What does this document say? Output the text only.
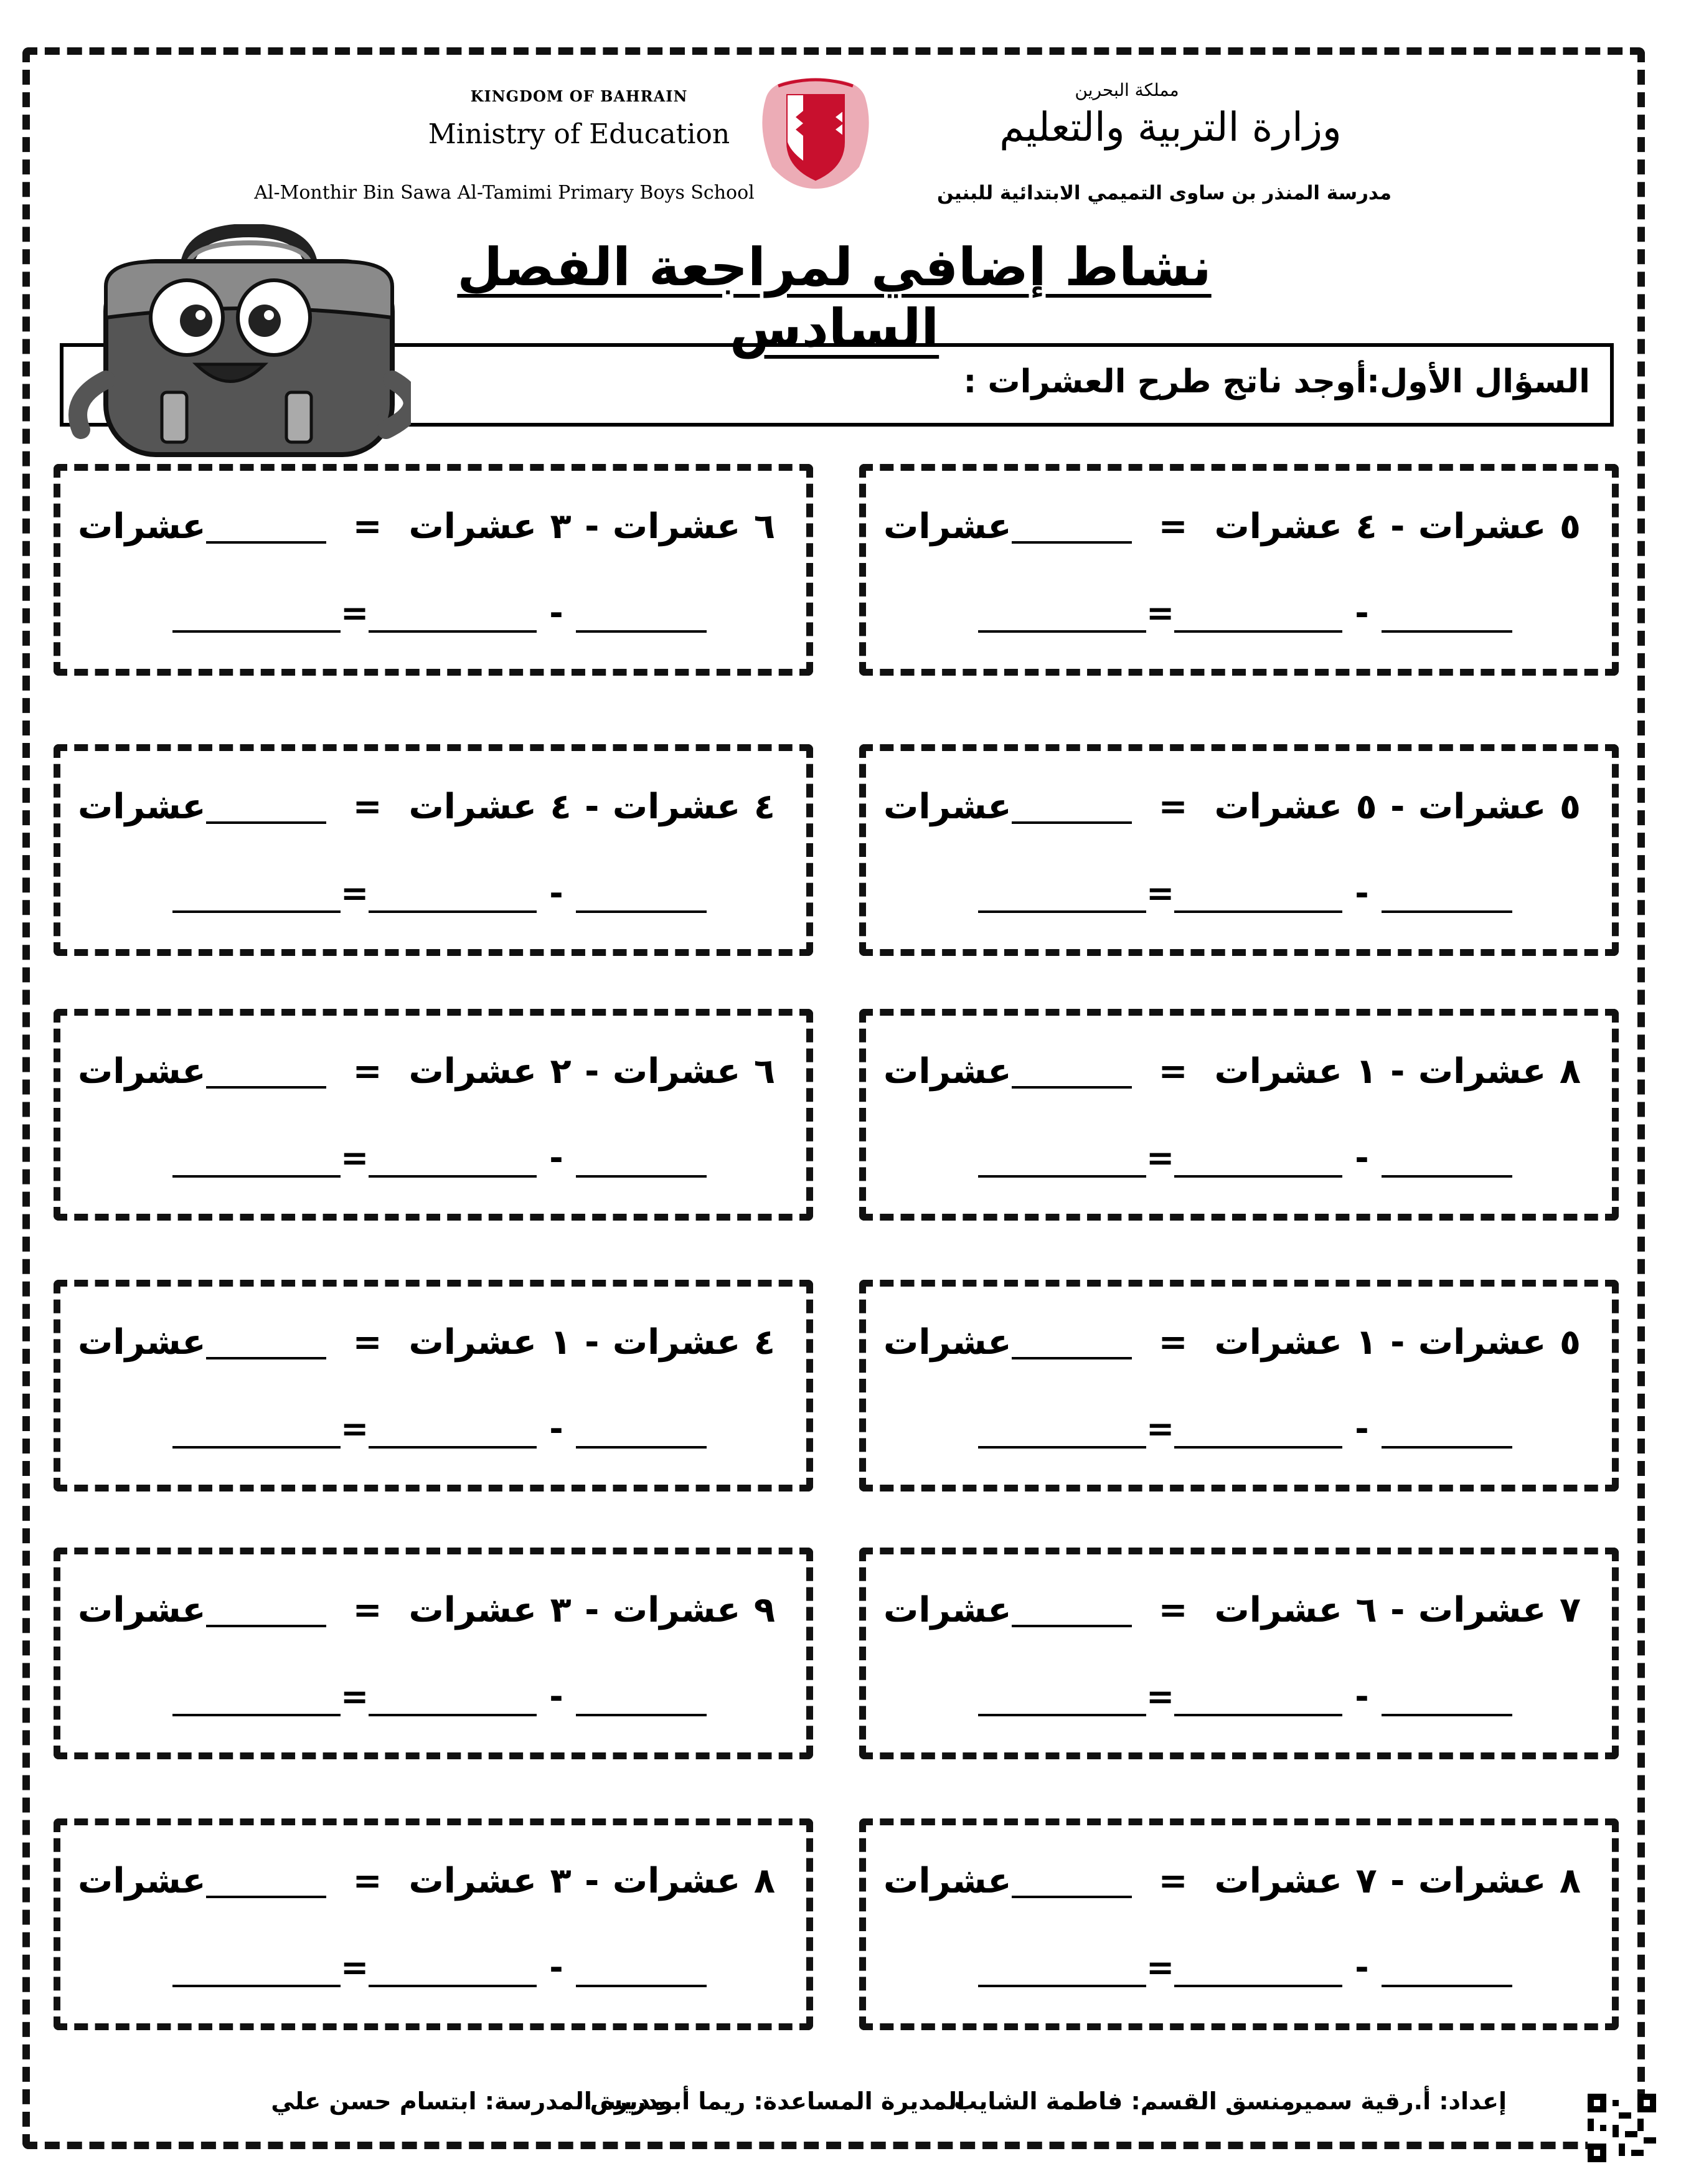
KINGDOM OF BAHRAIN
Ministry of Education
Al-Monthir Bin Sawa Al-Tamimi Primary Boys School
مملكة البحرين
وزارة التربية والتعليم
مدرسة المنذر بن ساوى التميمي الابتدائية للبنين
نشاط إضافي لمراجعة الفصل السادس
السؤال الأول:أوجد ناتج طرح العشرات :
٥
عشرات
-
٤
عشرات
=
عشرات
=	-
٦
عشرات
-
٣
عشرات
=
عشرات
=	-
٥
عشرات
-
٥
عشرات
=
عشرات
=	-
٤
عشرات
-
٤
عشرات
=
عشرات
=	-
٨
عشرات
-
١
عشرات
=
عشرات
=	-
٦
عشرات
-
٢
عشرات
=
عشرات
=	-
٥
عشرات
-
١
عشرات
=
عشرات
=	-
٤
عشرات
-
١
عشرات
=
عشرات
=	-
٧
عشرات
-
٦
عشرات
=
عشرات
=	-
٩
عشرات
-
٣
عشرات
=
عشرات
=	-
٨
عشرات
-
٧
عشرات
=
عشرات
=	-
٨
عشرات
-
٣
عشرات
=
عشرات
=	-
إعداد: أ.رقية سمير
منسق القسم: فاطمة الشايب
المديرة المساعدة: ريما أبودريس
مديرة المدرسة: ابتسام حسن علي
